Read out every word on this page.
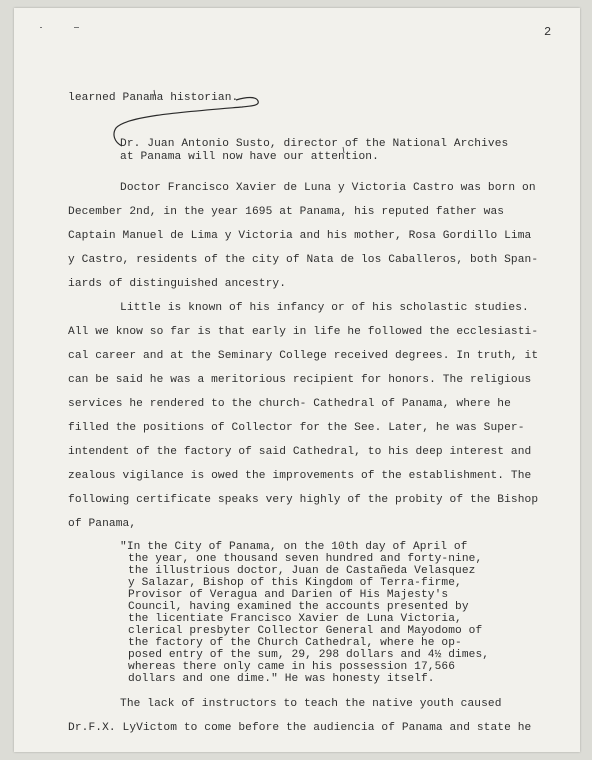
2
learned Panama historian.
Dr. Juan Antonio Susto, director of the National Archives
at Panama will now have our attention.
Doctor Francisco Xavier de Luna y Victoria Castro was born on
December 2nd, in the year 1695 at Panama, his reputed father was
Captain Manuel de Lima y Victoria and his mother, Rosa Gordillo Lima
y Castro, residents of the city of Nata de los Caballeros, both Span-
iards of distinguished ancestry.
Little is known of his infancy or of his scholastic studies.
All we know so far is that early in life he followed the ecclesiasti-
cal career and at the Seminary College received degrees. In truth, it
can be said he was a meritorious recipient for honors. The religious
services he rendered to the church- Cathedral of Panama, where he
filled the positions of Collector for the See. Later, he was Super-
intendent of the factory of said Cathedral, to his deep interest and
zealous vigilance is owed the improvements of the establishment. The
following certificate speaks very highly of the probity of the Bishop
of Panama,
"In the City of Panama, on the 10th day of April of
the year, one thousand seven hundred and forty-nine,
the illustrious doctor, Juan de Castañeda Velasquez
y Salazar, Bishop of this Kingdom of Terra-firme,
Provisor of Veragua and Darien of His Majesty's
Council, having examined the accounts presented by
the licentiate Francisco Xavier de Luna Victoria,
clerical presbyter Collector General and Mayodomo of
the factory of the Church Cathedral, where he op-
posed entry of the sum, 29, 298 dollars and 4½ dimes,
whereas there only came in his possession 17,566
dollars and one dime." He was honesty itself.
The lack of instructors to teach the native youth caused
Dr.F.X. LyVictom to come before the audiencia of Panama and state he
